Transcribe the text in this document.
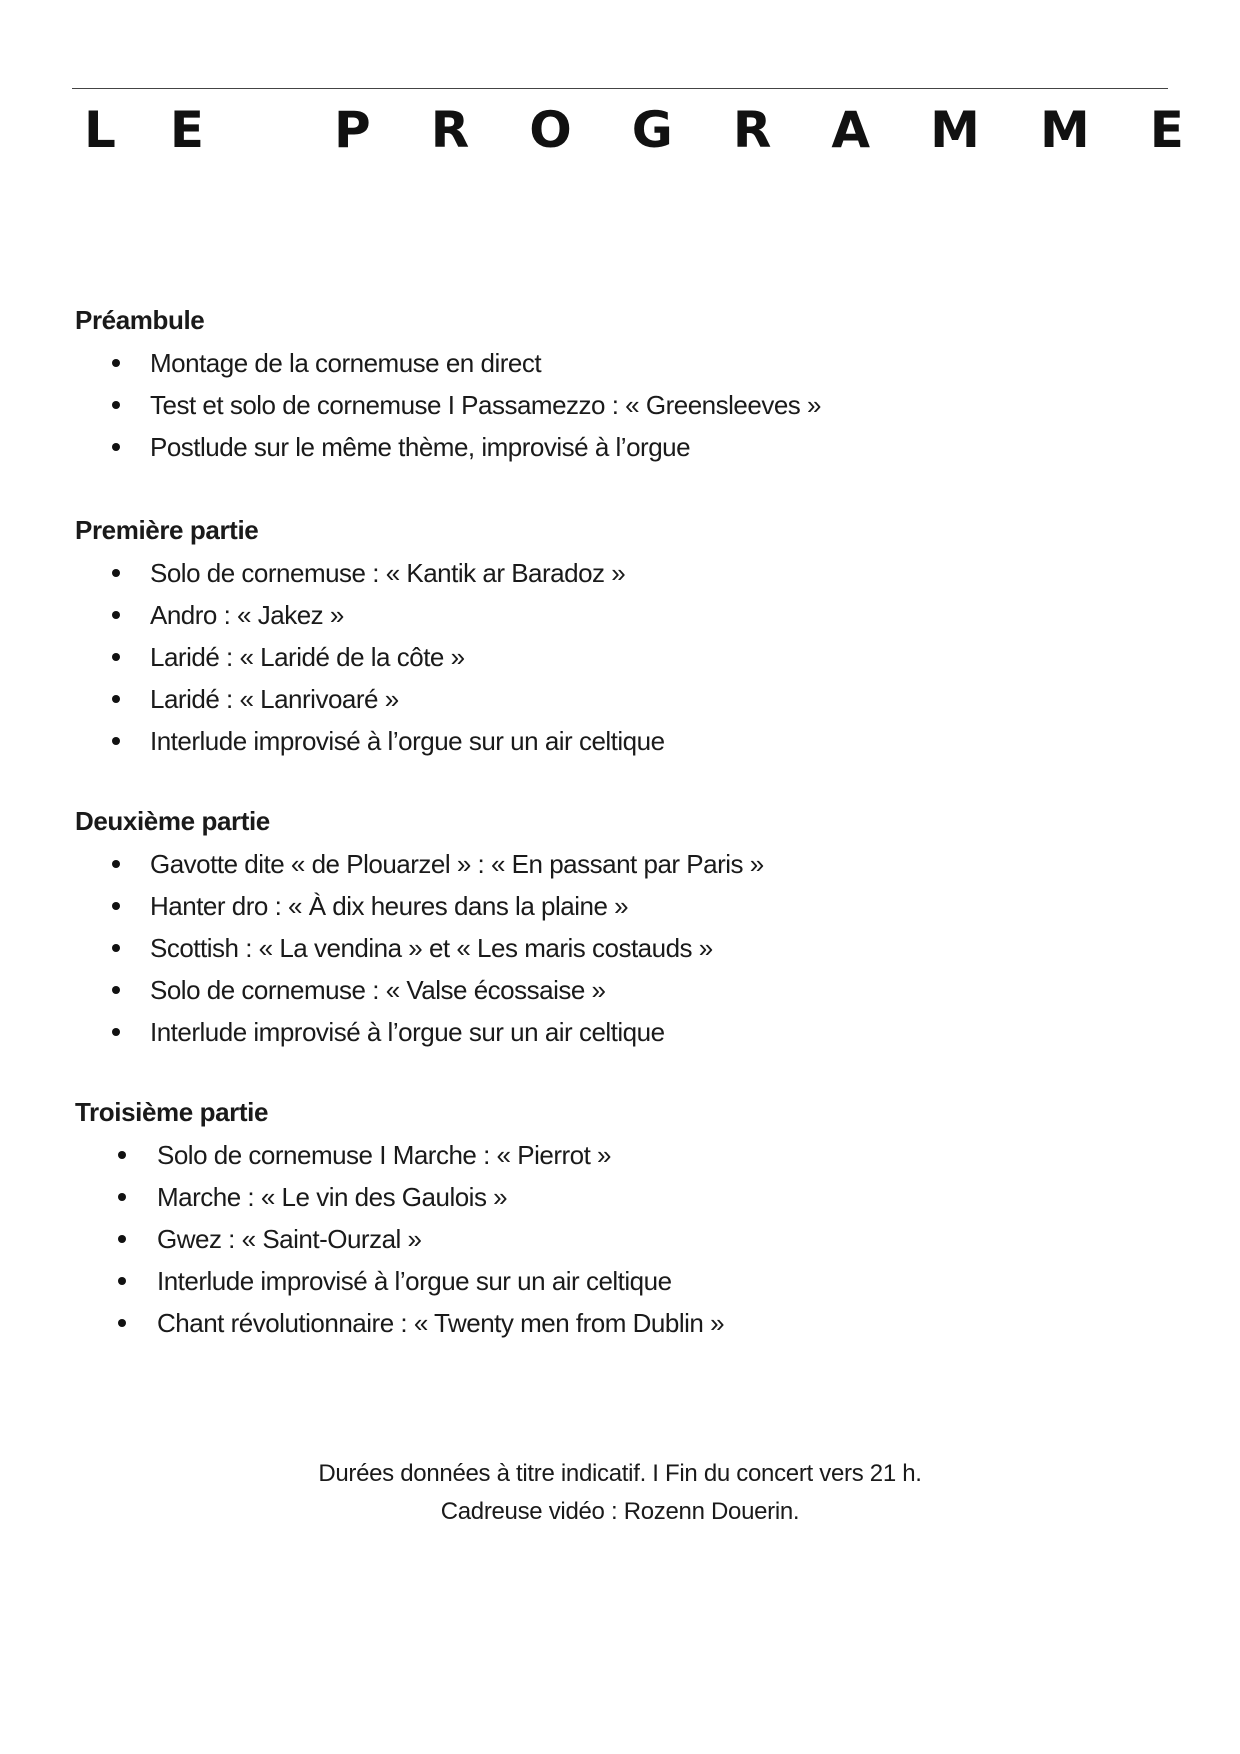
L E	P R O G R A M M E
Préambule
Montage de la cornemuse en direct
Test et solo de cornemuse I Passamezzo : « Greensleeves »
Postlude sur le même thème, improvisé à l’orgue
Première partie
Solo de cornemuse : « Kantik ar Baradoz »
Andro : « Jakez »
Laridé : « Laridé de la côte »
Laridé : « Lanrivoaré »
Interlude improvisé à l’orgue sur un air celtique
Deuxième partie
Gavotte dite « de Plouarzel » : « En passant par Paris »
Hanter dro : « À dix heures dans la plaine »
Scottish : « La vendina » et « Les maris costauds »
Solo de cornemuse : « Valse écossaise »
Interlude improvisé à l’orgue sur un air celtique
Troisième partie
Solo de cornemuse I Marche : « Pierrot »
Marche : « Le vin des Gaulois »
Gwez : « Saint-Ourzal »
Interlude improvisé à l’orgue sur un air celtique
Chant révolutionnaire : « Twenty men from Dublin »

Durées données à titre indicatif. I Fin du concert vers 21 h.

Cadreuse vidéo : Rozenn Douerin.
